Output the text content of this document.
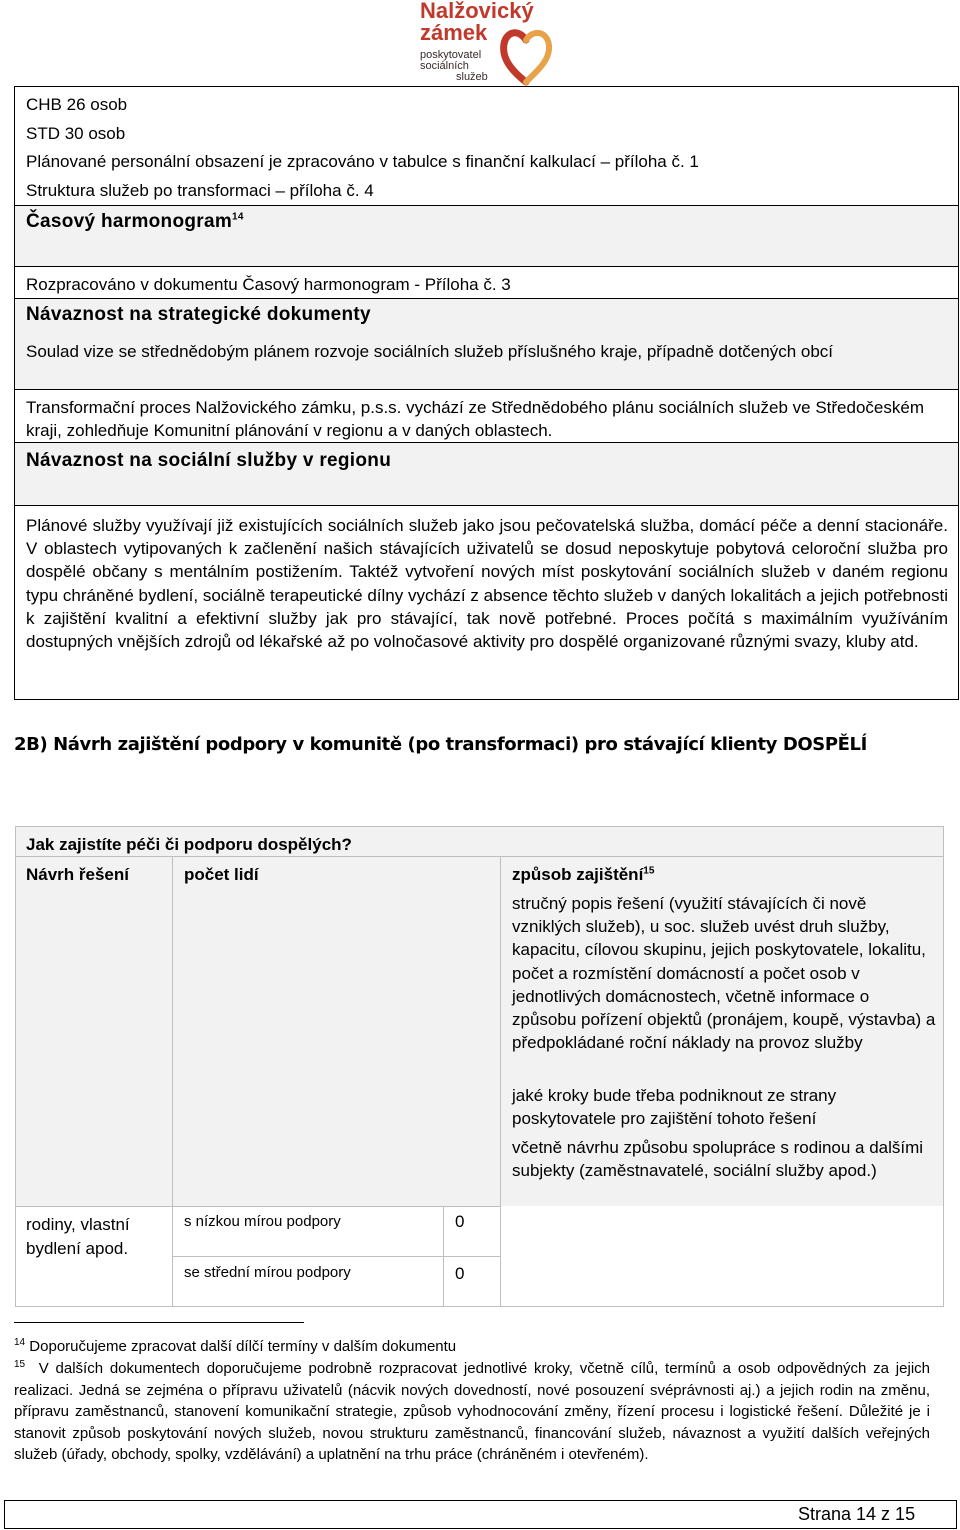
Nalžovický
zámek
poskytovatel
sociálních
služeb
CHB 26 osob
STD 30 osob
Plánované personální obsazení je zpracováno v tabulce s finanční kalkulací – příloha č. 1
Struktura služeb po transformaci – příloha č. 4
Časový harmonogram$^{14}$
Rozpracováno v dokumentu Časový harmonogram - Příloha č. 3
Návaznost na strategické dokumenty
Soulad vize se střednědobým plánem rozvoje sociálních služeb příslušného kraje, případně dotčených obcí
Transformační proces Nalžovického zámku, p.s.s. vychází ze Střednědobého plánu sociálních služeb ve Středočeském kraji, zohledňuje Komunitní plánování v regionu a v daných oblastech.
Návaznost na sociální služby v regionu
Plánové služby využívají již existujících sociálních služeb jako jsou pečovatelská služba, domácí péče a denní stacionáře. V oblastech vytipovaných k začlenění našich stávajících uživatelů se dosud neposkytuje pobytová celoroční služba pro dospělé občany s mentálním postižením. Taktéž vytvoření nových míst poskytování sociálních služeb v daném regionu typu chráněné bydlení, sociálně terapeutické dílny vychází z absence těchto služeb v daných lokalitách a jejich potřebnosti k zajištění kvalitní a efektivní služby jak pro stávající, tak nově potřebné. Proces počítá s maximálním využíváním dostupných vnějších zdrojů od lékařské až po volnočasové aktivity pro dospělé organizované různými svazy, kluby atd.
2B) Návrh zajištění podpory v komunitě (po transformaci) pro stávající klienty DOSPĚLÍ
Jak zajistíte péči či podporu dospělých?
Návrh řešení	počet lidí	způsob zajištění$^{15}$
stručný popis řešení (využití stávajících či nově vzniklých služeb), u soc. služeb uvést druh služby, kapacitu, cílovou skupinu, jejich poskytovatele, lokalitu, počet a rozmístění domácností a počet osob v jednotlivých domácnostech, včetně informace o způsobu pořízení objektů (pronájem, koupě, výstavba) a předpokládané roční náklady na provoz služby
jaké kroky bude třeba podniknout ze strany poskytovatele pro zajištění tohoto řešení
včetně návrhu způsobu spolupráce s rodinou a dalšími subjekty (zaměstnavatelé, sociální služby apod.)
rodiny, vlastní bydlení apod.
s nízkou mírou podpory	0
se střední mírou podpory	0
$^{14}$ Doporučujeme zpracovat další dílčí termíny v dalším dokumentu
$^{15}$ V dalších dokumentech doporučujeme podrobně rozpracovat jednotlivé kroky, včetně cílů, termínů a osob odpovědných za jejich realizaci. Jedná se zejména o přípravu uživatelů (nácvik nových dovedností, nové posouzení svéprávnosti aj.) a jejich rodin na změnu, přípravu zaměstnanců, stanovení komunikační strategie, způsob vyhodnocování změny, řízení procesu i logistické řešení. Důležité je i stanovit způsob poskytování nových služeb, novou strukturu zaměstnanců, financování služeb, návaznost a využití dalších veřejných služeb (úřady, obchody, spolky, vzdělávání) a uplatnění na trhu práce (chráněném i otevřeném).
Strana 14 z 15
